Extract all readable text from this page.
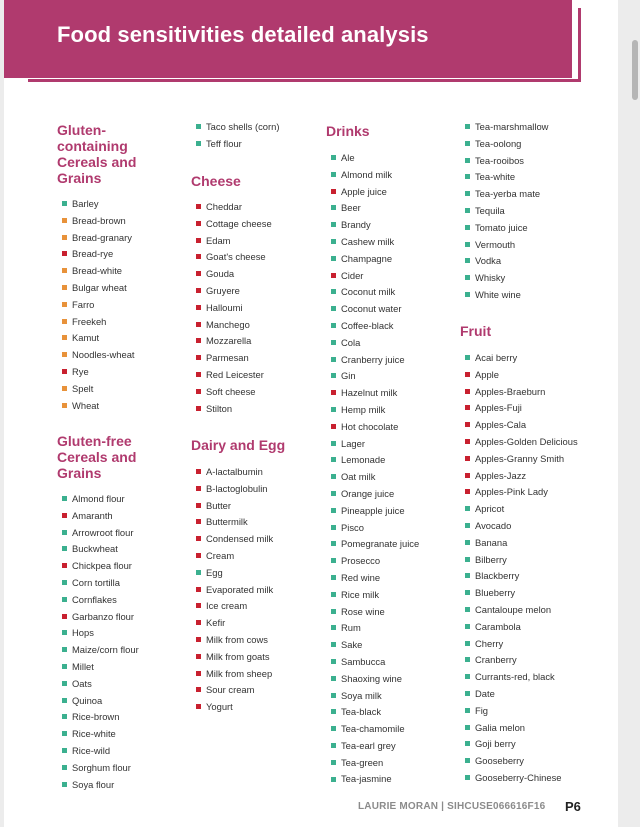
Food sensitivities detailed analysis
Gluten-containing Cereals and Grains
Barley
Bread-brown
Bread-granary
Bread-rye
Bread-white
Bulgar wheat
Farro
Freekeh
Kamut
Noodles-wheat
Rye
Spelt
Wheat
Gluten-free Cereals and Grains
Almond flour
Amaranth
Arrowroot flour
Buckwheat
Chickpea flour
Corn tortilla
Cornflakes
Garbanzo flour
Hops
Maize/corn flour
Millet
Oats
Quinoa
Rice-brown
Rice-white
Rice-wild
Sorghum flour
Soya flour
Taco shells (corn)
Teff flour
Cheese
Cheddar
Cottage cheese
Edam
Goat's cheese
Gouda
Gruyere
Halloumi
Manchego
Mozzarella
Parmesan
Red Leicester
Soft cheese
Stilton
Dairy and Egg
A-lactalbumin
B-lactoglobulin
Butter
Buttermilk
Condensed milk
Cream
Egg
Evaporated milk
Ice cream
Kefir
Milk from cows
Milk from goats
Milk from sheep
Sour cream
Yogurt
Drinks
Ale
Almond milk
Apple juice
Beer
Brandy
Cashew milk
Champagne
Cider
Coconut milk
Coconut water
Coffee-black
Cola
Cranberry juice
Gin
Hazelnut milk
Hemp milk
Hot chocolate
Lager
Lemonade
Oat milk
Orange juice
Pineapple juice
Pisco
Pomegranate juice
Prosecco
Red wine
Rice milk
Rose wine
Rum
Sake
Sambucca
Shaoxing wine
Soya milk
Tea-black
Tea-chamomile
Tea-earl grey
Tea-green
Tea-jasmine
Tea-marshmallow
Tea-oolong
Tea-rooibos
Tea-white
Tea-yerba mate
Tequila
Tomato juice
Vermouth
Vodka
Whisky
White wine
Fruit
Acai berry
Apple
Apples-Braeburn
Apples-Fuji
Apples-Cala
Apples-Golden Delicious
Apples-Granny Smith
Apples-Jazz
Apples-Pink Lady
Apricot
Avocado
Banana
Bilberry
Blackberry
Blueberry
Cantaloupe melon
Carambola
Cherry
Cranberry
Currants-red, black
Date
Fig
Galia melon
Goji berry
Gooseberry
Gooseberry-Chinese
LAURIE MORAN | SIHCUSE066616F16 P6
